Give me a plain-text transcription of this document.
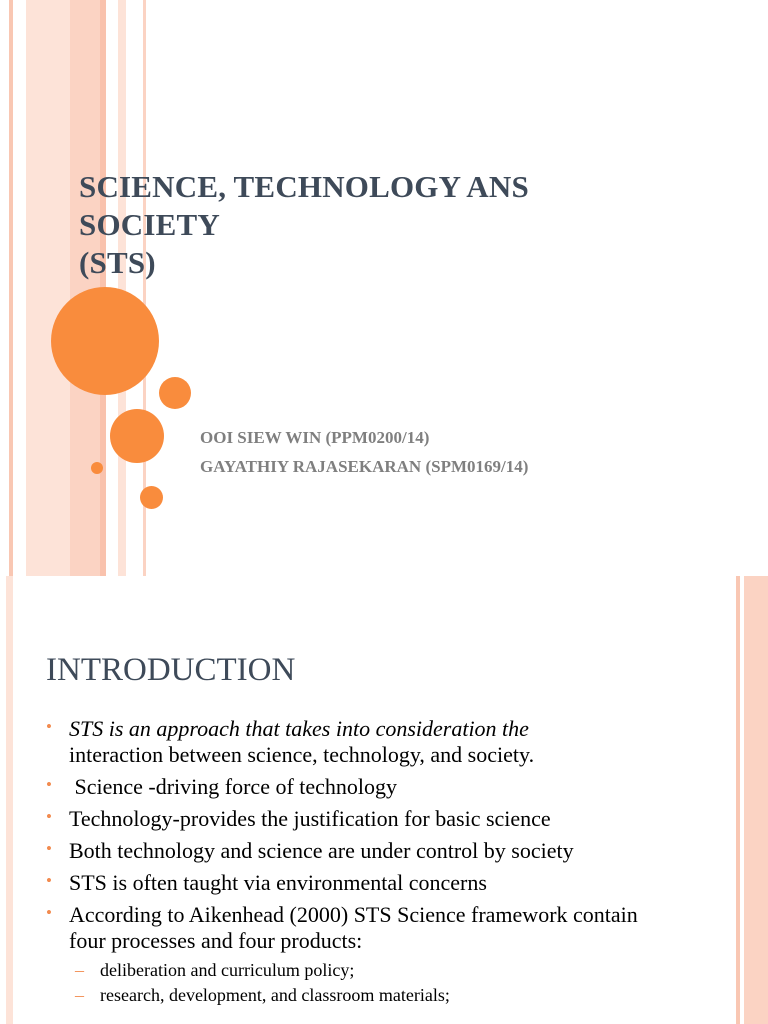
SCIENCE, TECHNOLOGY ANS
SOCIETY
(STS)
OOI SIEW WIN (PPM0200/14)
GAYATHIY RAJASEKARAN (SPM0169/14)
INTRODUCTION
• STS is an approach that takes into consideration the
interaction between science, technology, and society.
•  Science -driving force of technology
• Technology-provides the justification for basic science
• Both technology and science are under control by society
• STS is often taught via environmental concerns
• According to Aikenhead (2000) STS Science framework contain four processes and four products:
– deliberation and curriculum policy;
– research, development, and classroom materials;
